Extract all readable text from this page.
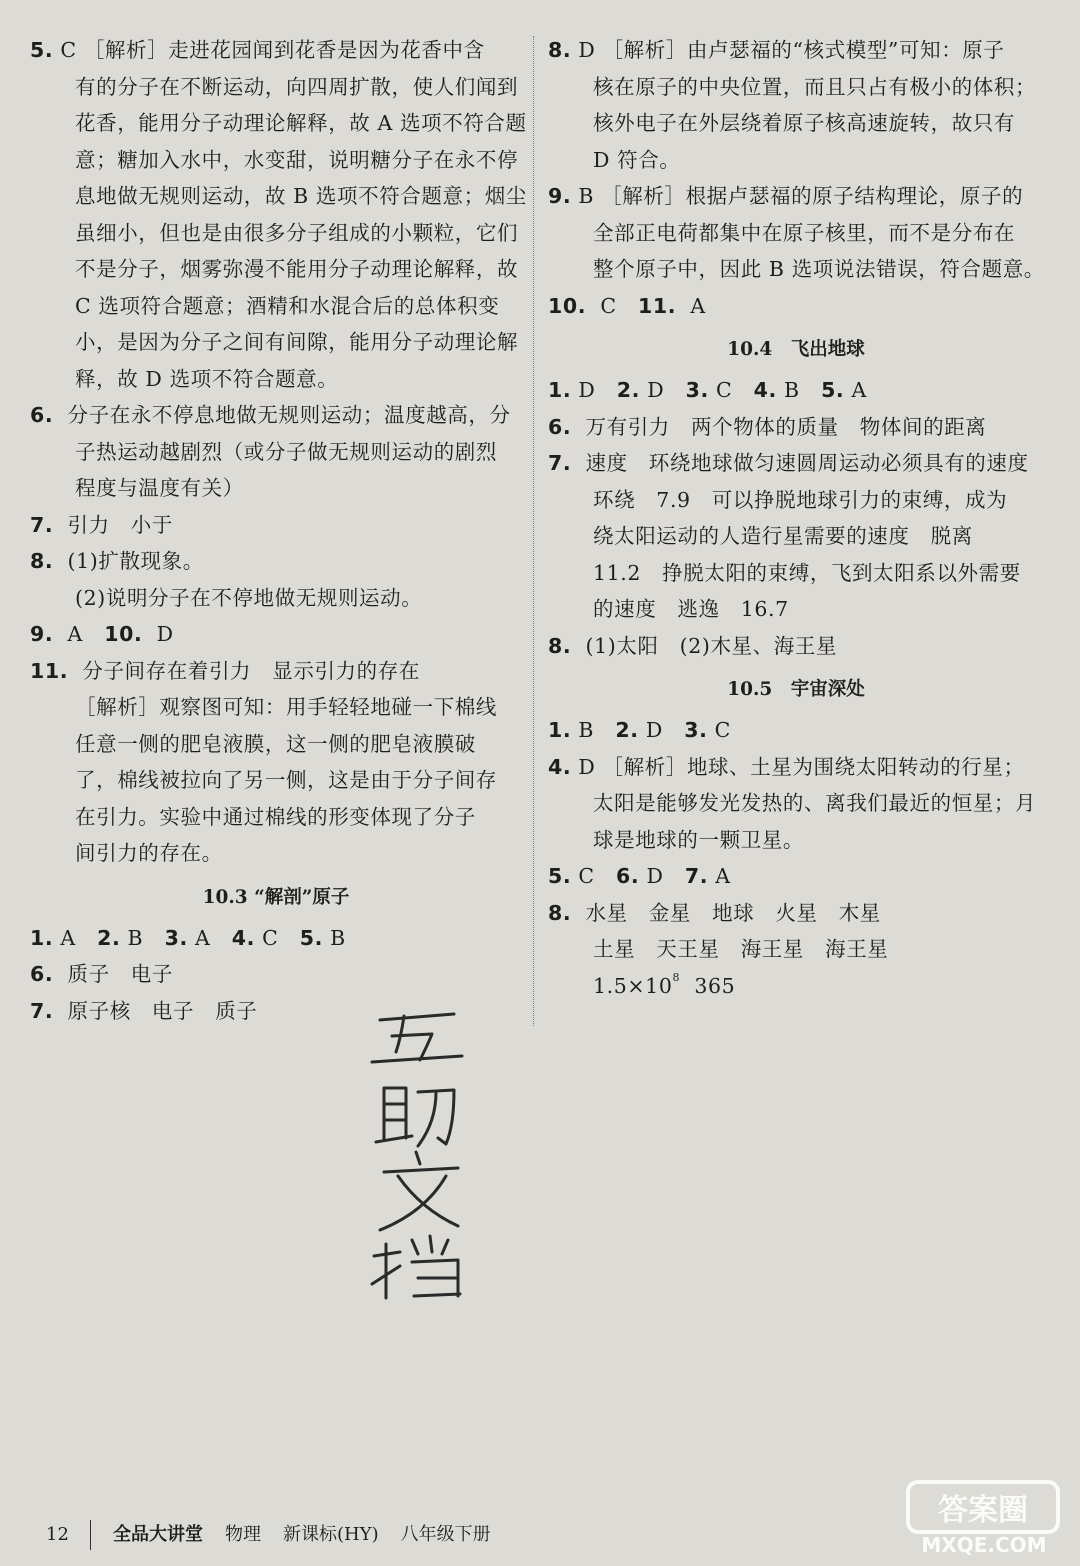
5. C ［解析］走进花园闻到花香是因为花香中含
有的分子在不断运动，向四周扩散，使人们闻到
花香，能用分子动理论解释，故 A 选项不符合题
意；糖加入水中，水变甜，说明糖分子在永不停
息地做无规则运动，故 B 选项不符合题意；烟尘
虽细小，但也是由很多分子组成的小颗粒，它们
不是分子，烟雾弥漫不能用分子动理论解释，故
C 选项符合题意；酒精和水混合后的总体积变
小，是因为分子之间有间隙，能用分子动理论解
释，故 D 选项不符合题意。
6. 分子在永不停息地做无规则运动；温度越高，分
子热运动越剧烈（或分子做无规则运动的剧烈
程度与温度有关）
7. 引力　小于
8. (1)扩散现象。
(2)说明分子在不停地做无规则运动。
9. A 10. D
11. 分子间存在着引力　显示引力的存在
［解析］观察图可知：用手轻轻地碰一下棉线
任意一侧的肥皂液膜，这一侧的肥皂液膜破
了，棉线被拉向了另一侧，这是由于分子间存
在引力。实验中通过棉线的形变体现了分子
间引力的存在。
10.3 “解剖”原子
1. A 2. B 3. A 4. C 5. B
6. 质子　电子
7. 原子核　电子　质子
8. D ［解析］由卢瑟福的“核式模型”可知：原子
核在原子的中央位置，而且只占有极小的体积；
核外电子在外层绕着原子核高速旋转，故只有
D 符合。
9. B ［解析］根据卢瑟福的原子结构理论，原子的
全部正电荷都集中在原子核里，而不是分布在
整个原子中，因此 B 选项说法错误，符合题意。
10. C 11. A
10.4　飞出地球
1. D 2. D 3. C 4. B 5. A
6. 万有引力　两个物体的质量　物体间的距离
7. 速度　环绕地球做匀速圆周运动必须具有的速度
环绕　7.9　可以挣脱地球引力的束缚，成为
绕太阳运动的人造行星需要的速度　脱离
11.2　挣脱太阳的束缚，飞到太阳系以外需要
的速度　逃逸　16.7
8. (1)太阳　(2)木星、海王星
10.5　宇宙深处
1. B 2. D 3. C
4. D ［解析］地球、土星为围绕太阳转动的行星；
太阳是能够发光发热的、离我们最近的恒星；月
球是地球的一颗卫星。
5. C 6. D 7. A
8. 水星　金星　地球　火星　木星
土星　天王星　海王星　海王星
$1.5\times 10^8$ 365
12 全品大讲堂 物理 新课标(HY) 八年级下册
答案圈
MXQE.COM
